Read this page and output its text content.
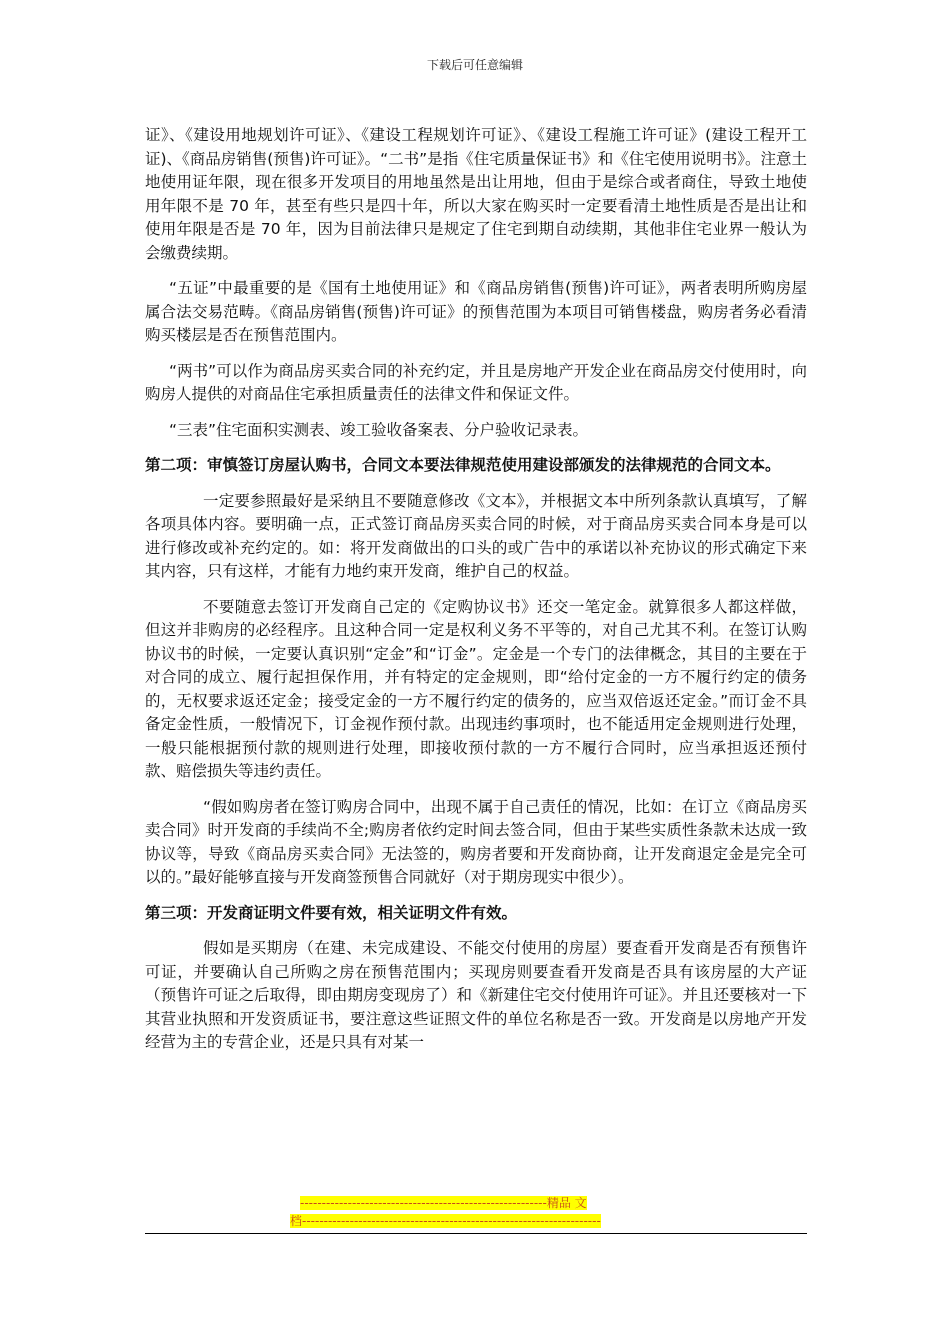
下载后可任意编辑

证》、《建设用地规划许可证》、《建设工程规划许可证》、《建设工程施工许可证》(建设工程开工证)、《商品房销售(预售)许可证》。“二书”是指《住宅质量保证书》和《住宅使用说明书》。注意土地使用证年限，现在很多开发项目的用地虽然是出让用地，但由于是综合或者商住，导致土地使用年限不是 70 年，甚至有些只是四十年，所以大家在购买时一定要看清土地性质是否是出让和使用年限是否是 70 年，因为目前法律只是规定了住宅到期自动续期，其他非住宅业界一般认为会缴费续期。

“五证”中最重要的是《国有土地使用证》和《商品房销售(预售)许可证》，两者表明所购房屋属合法交易范畴。《商品房销售(预售)许可证》的预售范围为本项目可销售楼盘，购房者务必看清购买楼层是否在预售范围内。

“两书”可以作为商品房买卖合同的补充约定，并且是房地产开发企业在商品房交付使用时，向购房人提供的对商品住宅承担质量责任的法律文件和保证文件。

“三表”住宅面积实测表、竣工验收备案表、分户验收记录表。

第二项：审慎签订房屋认购书，合同文本要法律规范使用建设部颁发的法律规范的合同文本。

一定要参照最好是采纳且不要随意修改《文本》，并根据文本中所列条款认真填写，了解各项具体内容。要明确一点，正式签订商品房买卖合同的时候，对于商品房买卖合同本身是可以进行修改或补充约定的。如：将开发商做出的口头的或广告中的承诺以补充协议的形式确定下来其内容，只有这样，才能有力地约束开发商，维护自己的权益。

不要随意去签订开发商自己定的《定购协议书》还交一笔定金。就算很多人都这样做，但这并非购房的必经程序。且这种合同一定是权利义务不平等的，对自己尤其不利。在签订认购协议书的时候，一定要认真识别“定金”和“订金”。定金是一个专门的法律概念，其目的主要在于对合同的成立、履行起担保作用，并有特定的定金规则，即“给付定金的一方不履行约定的债务的，无权要求返还定金；接受定金的一方不履行约定的债务的，应当双倍返还定金。”而订金不具备定金性质，一般情况下，订金视作预付款。出现违约事项时，也不能适用定金规则进行处理，一般只能根据预付款的规则进行处理，即接收预付款的一方不履行合同时，应当承担返还预付款、赔偿损失等违约责任。

“假如购房者在签订购房合同中，出现不属于自己责任的情况，比如：在订立《商品房买卖合同》时开发商的手续尚不全;购房者依约定时间去签合同，但由于某些实质性条款未达成一致协议等，导致《商品房买卖合同》无法签的，购房者要和开发商协商，让开发商退定金是完全可以的。”最好能够直接与开发商签预售合同就好（对于期房现实中很少）。

第三项：开发商证明文件要有效，相关证明文件有效。

假如是买期房（在建、未完成建设、不能交付使用的房屋）要查看开发商是否有预售许可证，并要确认自己所购之房在预售范围内；买现房则要查看开发商是否具有该房屋的大产证（预售许可证之后取得，即由期房变现房了）和《新建住宅交付使用许可证》。并且还要核对一下其营业执照和开发资质证书，要注意这些证照文件的单位名称是否一致。开发商是以房地产开发经营为主的专营企业，还是只具有对某一

---------------------------------------------------------精品 文
档---------------------------------------------------------------------
